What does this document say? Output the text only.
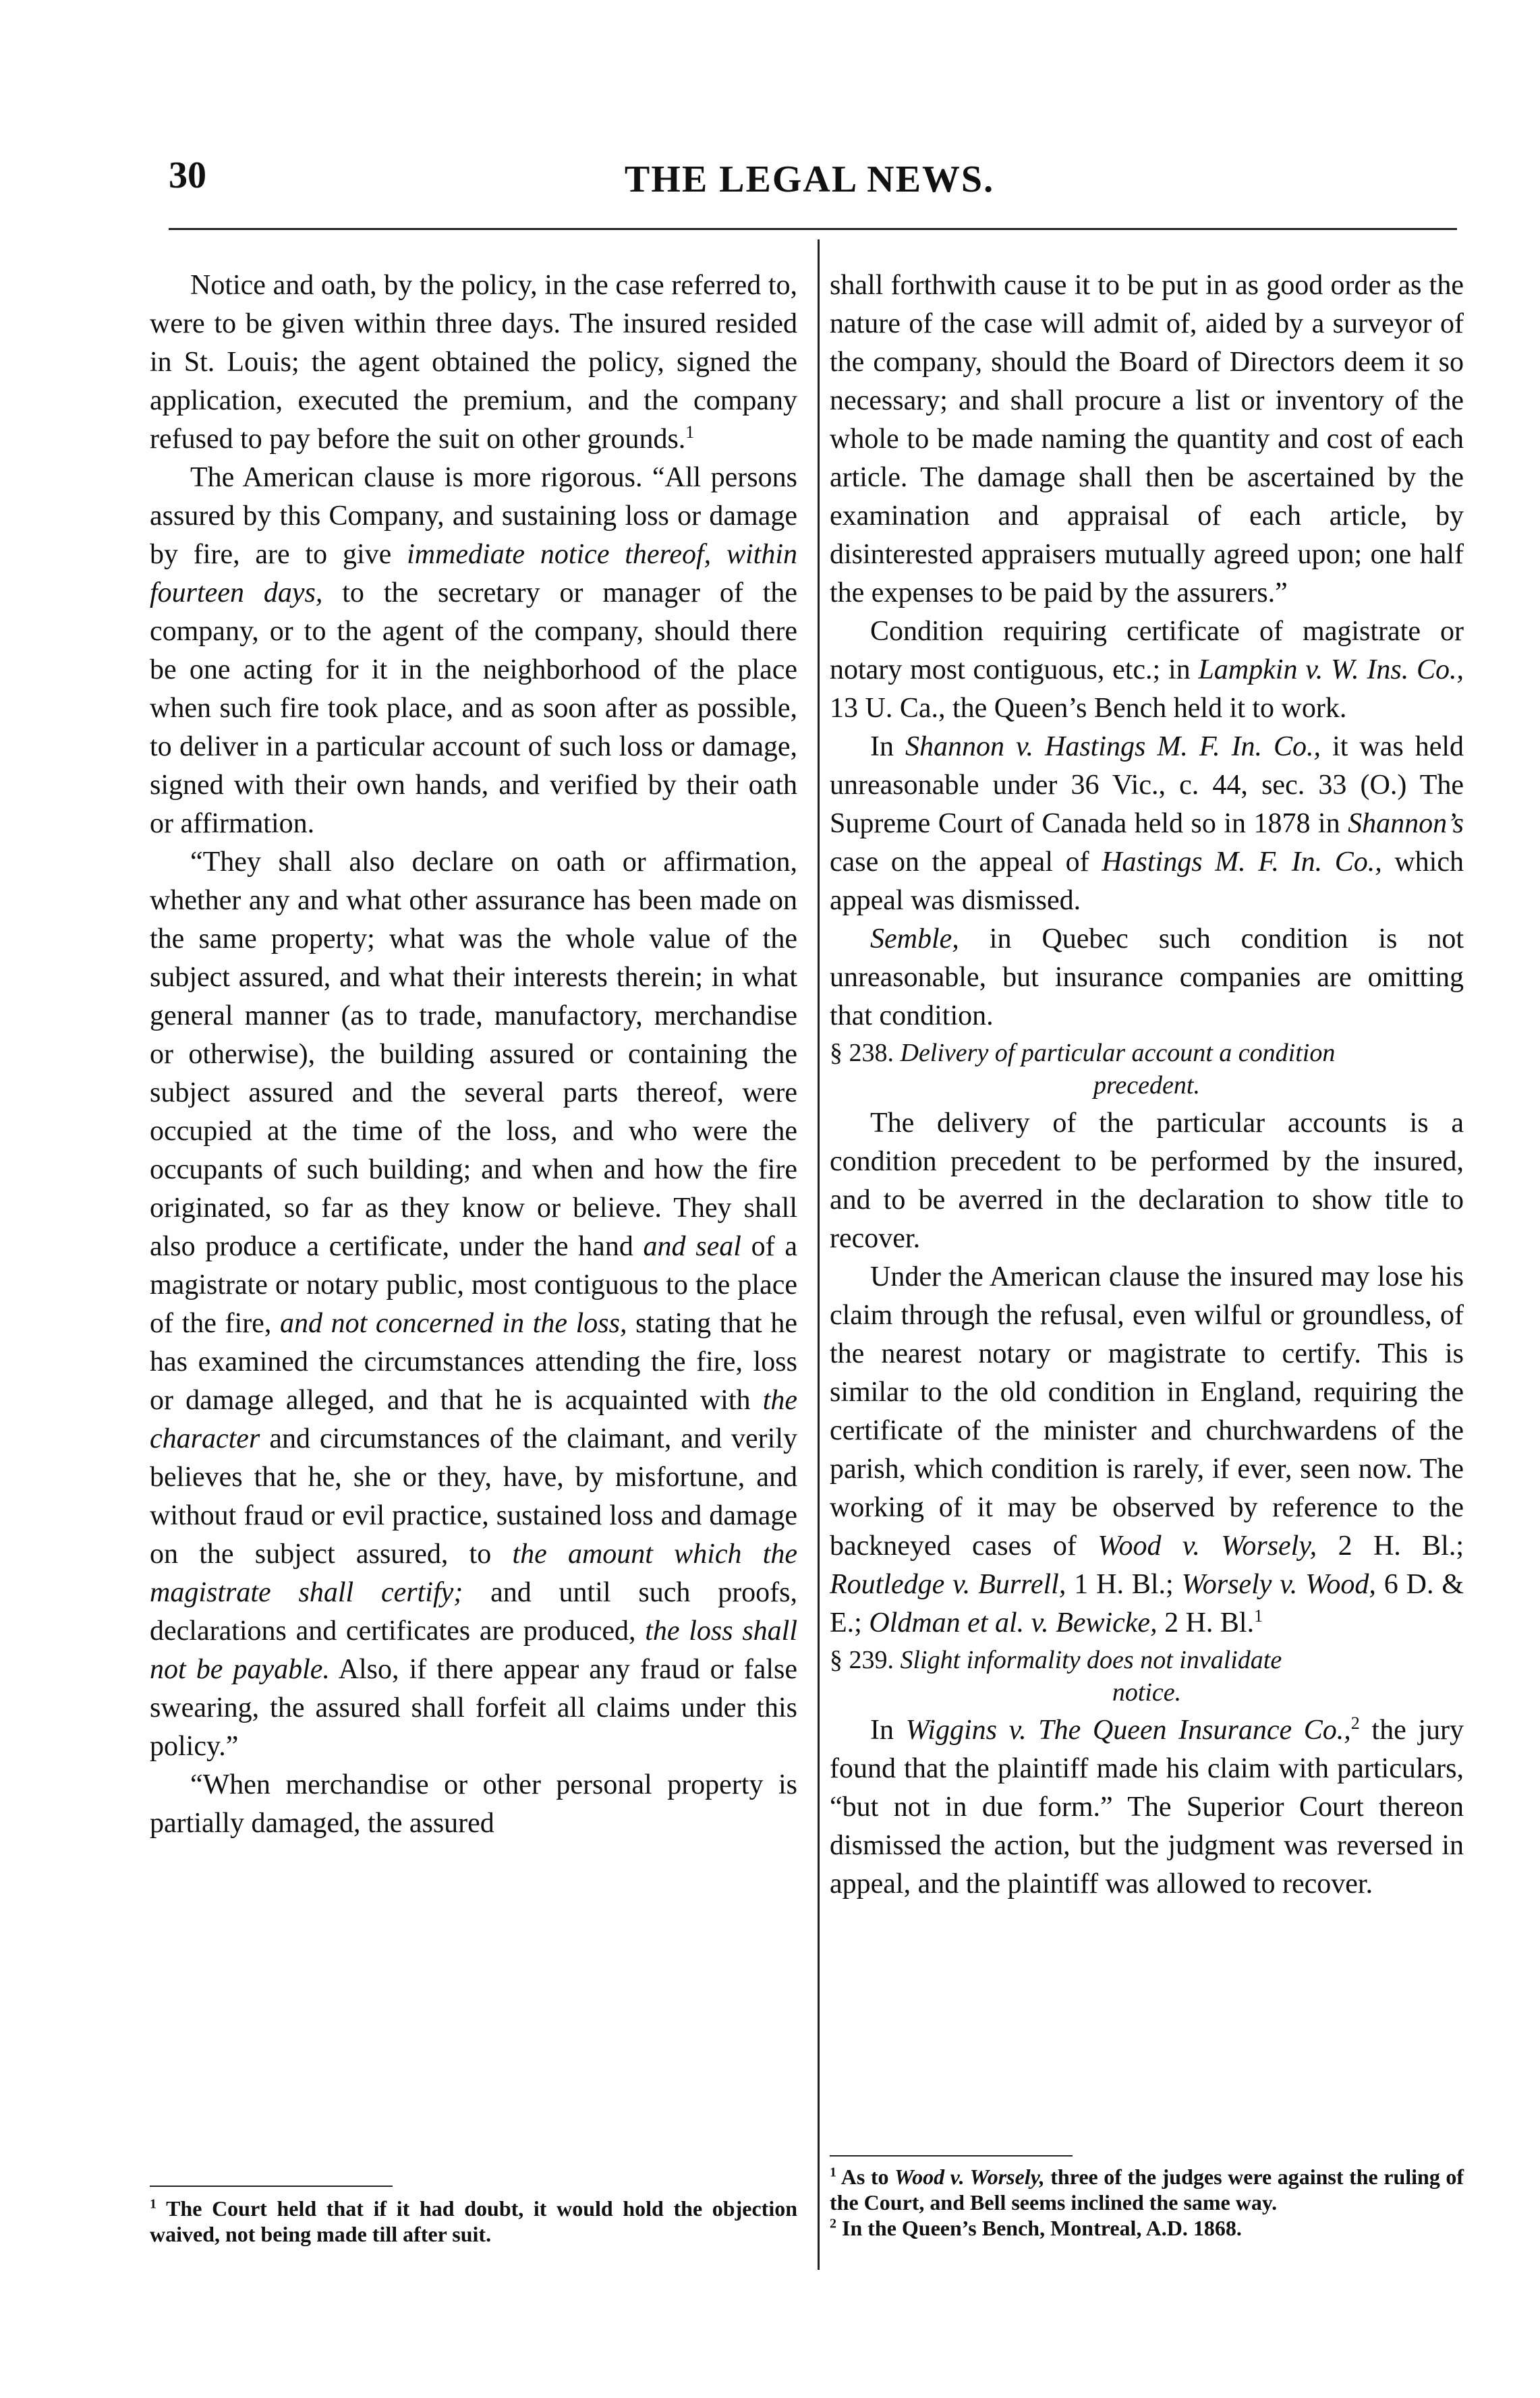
30	THE LEGAL NEWS.

Notice and oath, by the policy, in the case referred to, were to be given within three days. The insured resided in St. Louis; the agent obtained the policy, signed the application, executed the premium, and the company refused to pay before the suit on other grounds.$^1$

The American clause is more rigorous. “All persons assured by this Company, and sustaining loss or damage by fire, are to give immediate notice thereof, within fourteen days, to the secretary or manager of the company, or to the agent of the company, should there be one acting for it in the neighborhood of the place when such fire took place, and as soon after as possible, to deliver in a particular account of such loss or damage, signed with their own hands, and verified by their oath or affirmation.

“They shall also declare on oath or affirmation, whether any and what other assurance has been made on the same property; what was the whole value of the subject assured, and what their interests therein; in what general manner (as to trade, manufactory, merchandise or otherwise), the building assured or containing the subject assured and the several parts thereof, were occupied at the time of the loss, and who were the occupants of such building; and when and how the fire originated, so far as they know or believe. They shall also produce a certificate, under the hand and seal of a magistrate or notary public, most contiguous to the place of the fire, and not concerned in the loss, stating that he has examined the circumstances attending the fire, loss or damage alleged, and that he is acquainted with the character and circumstances of the claimant, and verily believes that he, she or they, have, by misfortune, and without fraud or evil practice, sustained loss and damage on the subject assured, to the amount which the magistrate shall certify; and until such proofs, declarations and certificates are produced, the loss shall not be payable. Also, if there appear any fraud or false swearing, the assured shall forfeit all claims under this policy.”

“When merchandise or other personal property is partially damaged, the assured

$^1$ The Court held that if it had doubt, it would hold the objection waived, not being made till after suit.

shall forthwith cause it to be put in as good order as the nature of the case will admit of, aided by a surveyor of the company, should the Board of Directors deem it so necessary; and shall procure a list or inventory of the whole to be made naming the quantity and cost of each article. The damage shall then be ascertained by the examination and appraisal of each article, by disinterested appraisers mutually agreed upon; one half the expenses to be paid by the assurers.”

Condition requiring certificate of magistrate or notary most contiguous, etc.; in Lampkin v. W. Ins. Co., 13 U. Ca., the Queen’s Bench held it to work.

In Shannon v. Hastings M. F. In. Co., it was held unreasonable under 36 Vic., c. 44, sec. 33 (O.) The Supreme Court of Canada held so in 1878 in Shannon’s case on the appeal of Hastings M. F. In. Co., which appeal was dismissed.

Semble, in Quebec such condition is not unreasonable, but insurance companies are omitting that condition.

§ 238. Delivery of particular account a condition
precedent.

The delivery of the particular accounts is a condition precedent to be performed by the insured, and to be averred in the declaration to show title to recover.

Under the American clause the insured may lose his claim through the refusal, even wilful or groundless, of the nearest notary or magistrate to certify. This is similar to the old condition in England, requiring the certificate of the minister and churchwardens of the parish, which condition is rarely, if ever, seen now. The working of it may be observed by reference to the backneyed cases of Wood v. Worsely, 2 H. Bl.; Routledge v. Burrell, 1 H. Bl.; Worsely v. Wood, 6 D. & E.; Oldman et al. v. Bewicke, 2 H. Bl.$^1$

§ 239. Slight informality does not invalidate
notice.

In Wiggins v. The Queen Insurance Co.,$^2$ the jury found that the plaintiff made his claim with particulars, “but not in due form.” The Superior Court thereon dismissed the action, but the judgment was reversed in appeal, and the plaintiff was allowed to recover.

$^1$ As to Wood v. Worsely, three of the judges were against the ruling of the Court, and Bell seems inclined the same way.
$^2$ In the Queen’s Bench, Montreal, A.D. 1868.
